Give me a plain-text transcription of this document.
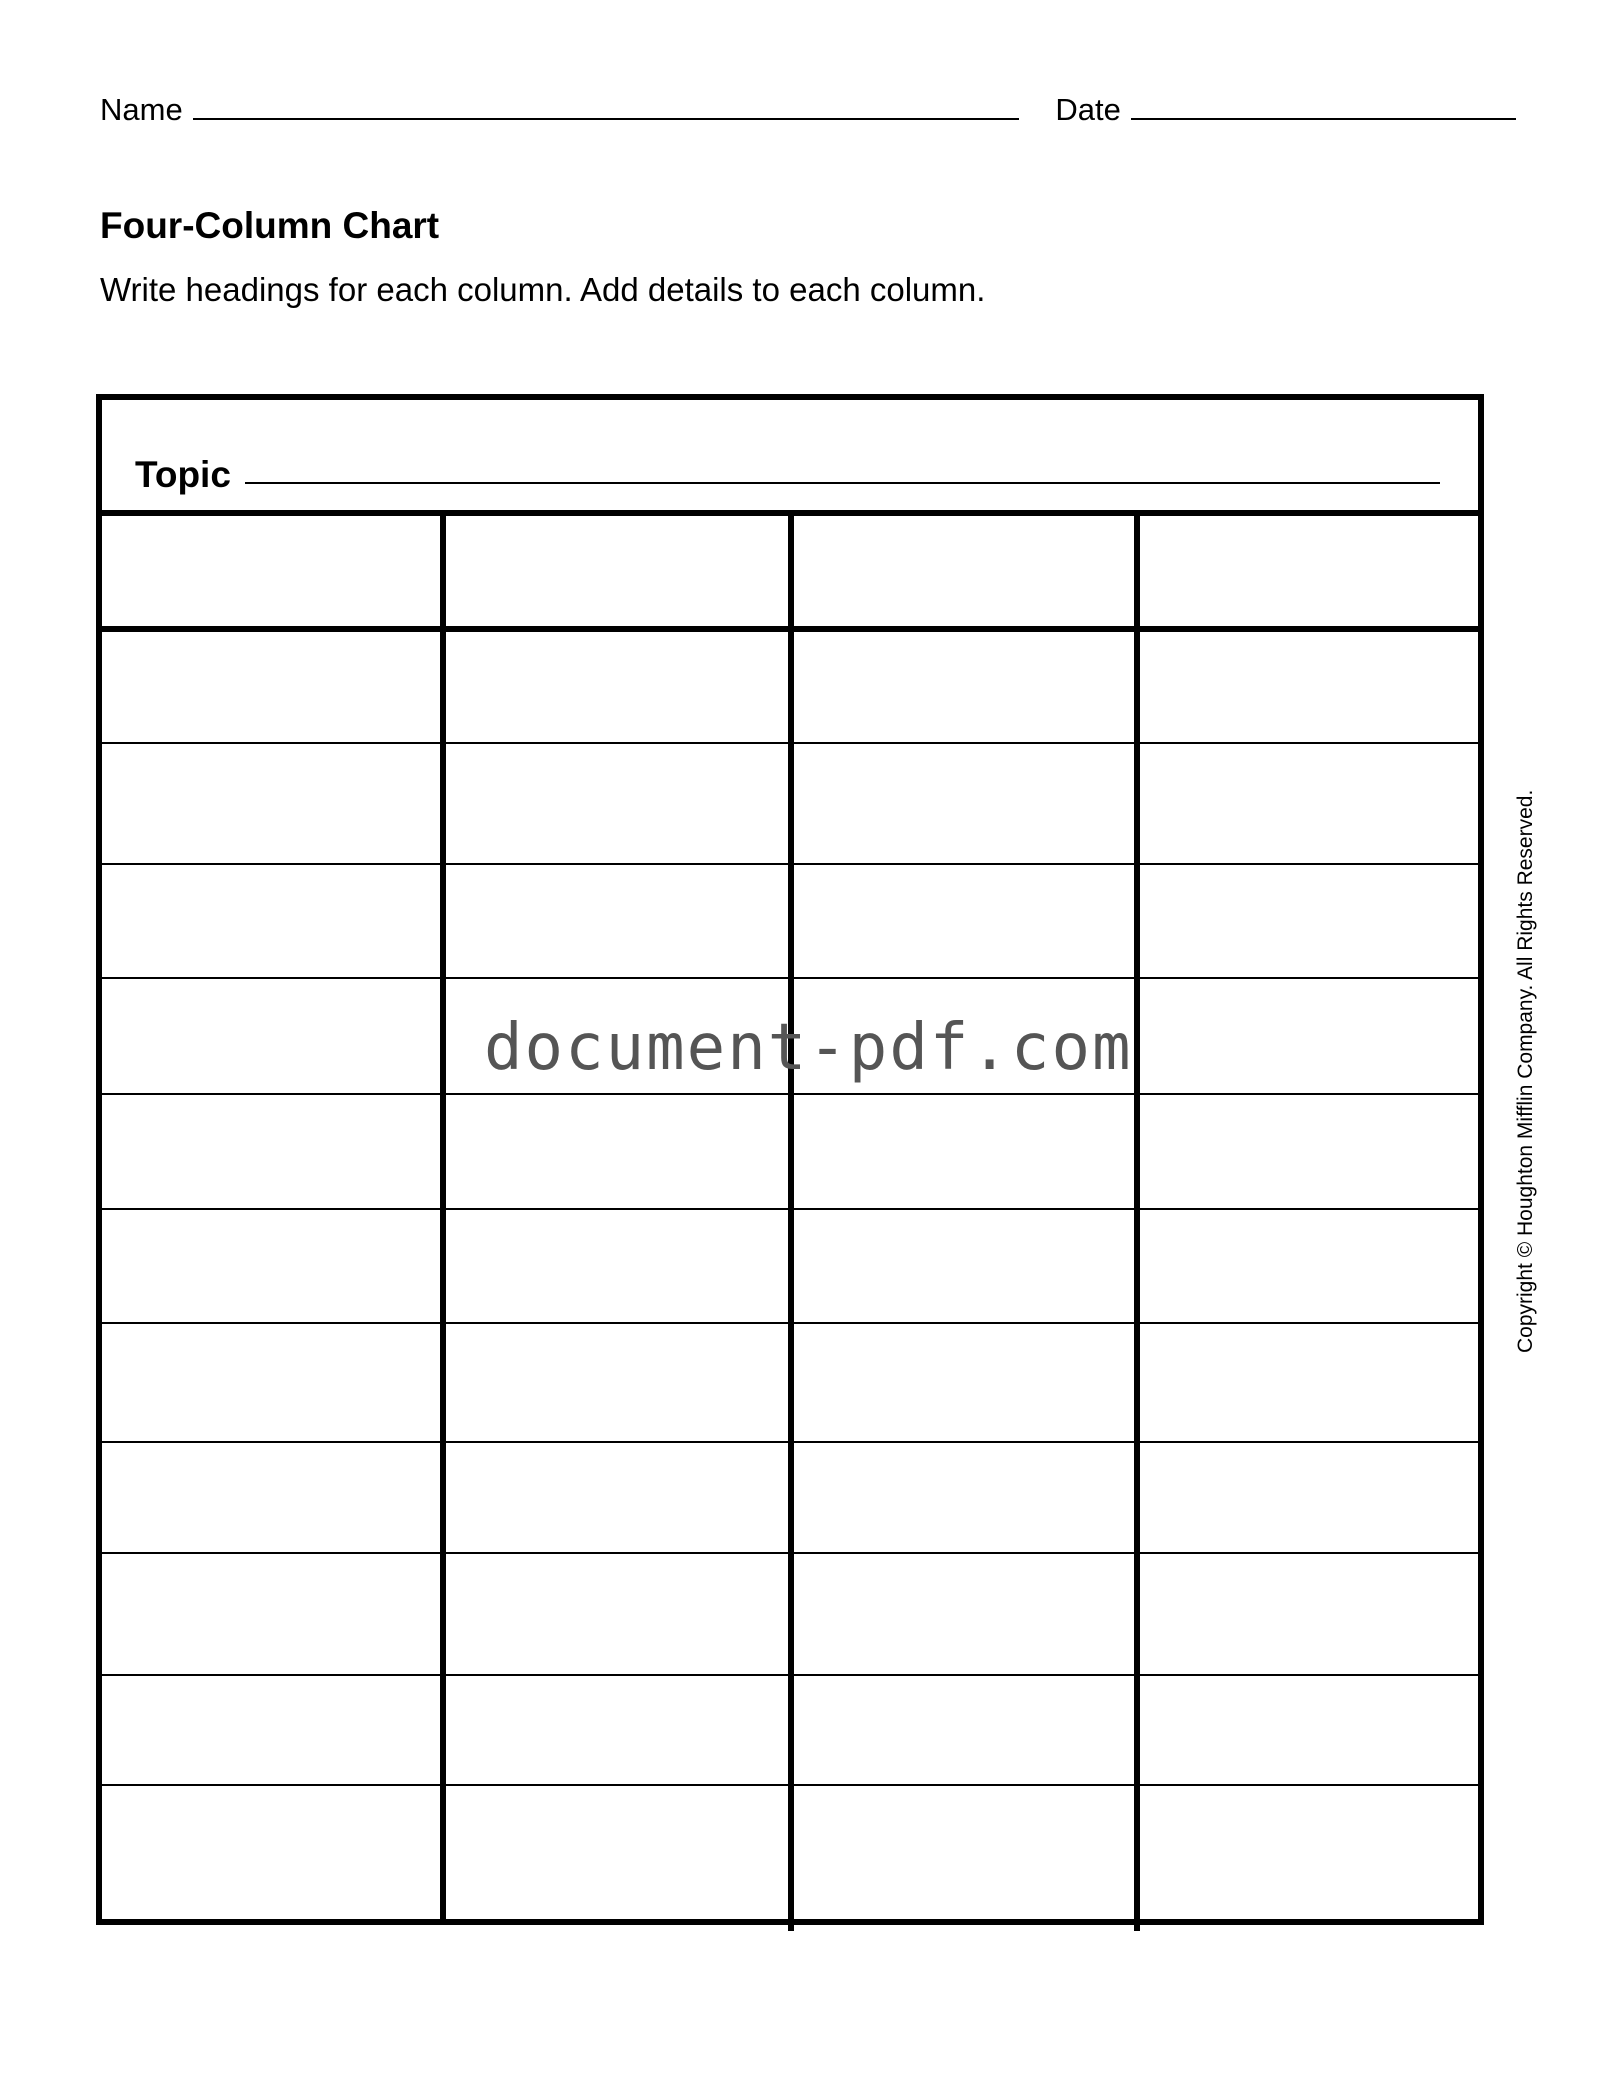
Name	Date
Four-Column Chart
Write headings for each column. Add details to each column.
Topic
document-pdf.com	Copyright © Houghton Mifflin Company. All Rights Reserved.
